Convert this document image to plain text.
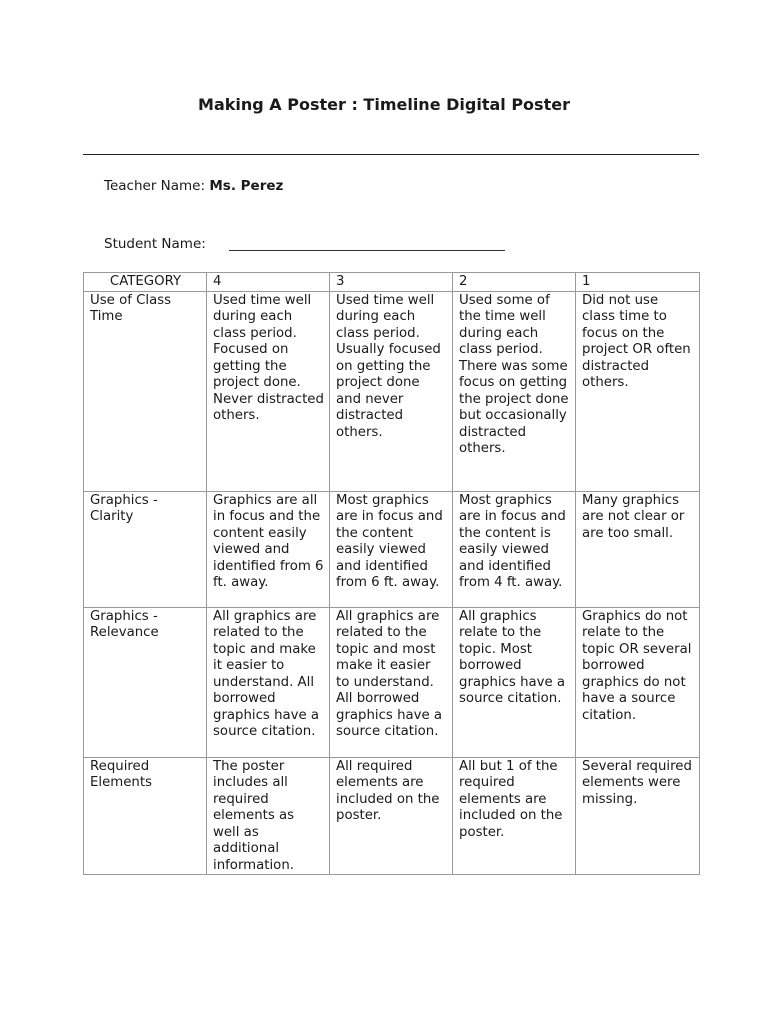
Making A Poster : Timeline Digital Poster
Teacher Name: Ms. Perez
Student Name:
CATEGORY	4	3	2	1
Use of Class Time	Used time well during each class period. Focused on getting the project done. Never distracted others.	Used time well during each class period. Usually focused on getting the project done and never distracted others.	Used some of the time well during each class period. There was some focus on getting the project done but occasionally distracted others.	Did not use class time to focus on the project OR often distracted others.
Graphics -Clarity	Graphics are all in focus and the content easily viewed and identified from 6 ft. away.	Most graphics are in focus and the content easily viewed and identified from 6 ft. away.	Most graphics are in focus and the content is easily viewed and identified from 4 ft. away.	Many graphics are not clear or are too small.
Graphics - Relevance	All graphics are related to the topic and make it easier to understand. All borrowed graphics have a source citation.	All graphics are related to the topic and most make it easier to understand. All borrowed graphics have a source citation.	All graphics relate to the topic. Most borrowed graphics have a source citation.	Graphics do not relate to the topic OR several borrowed graphics do not have a source citation.
Required Elements	The poster includes all required elements as well as additional information.	All required elements are included on the poster.	All but 1 of the required elements are included on the poster.	Several required elements were missing.
